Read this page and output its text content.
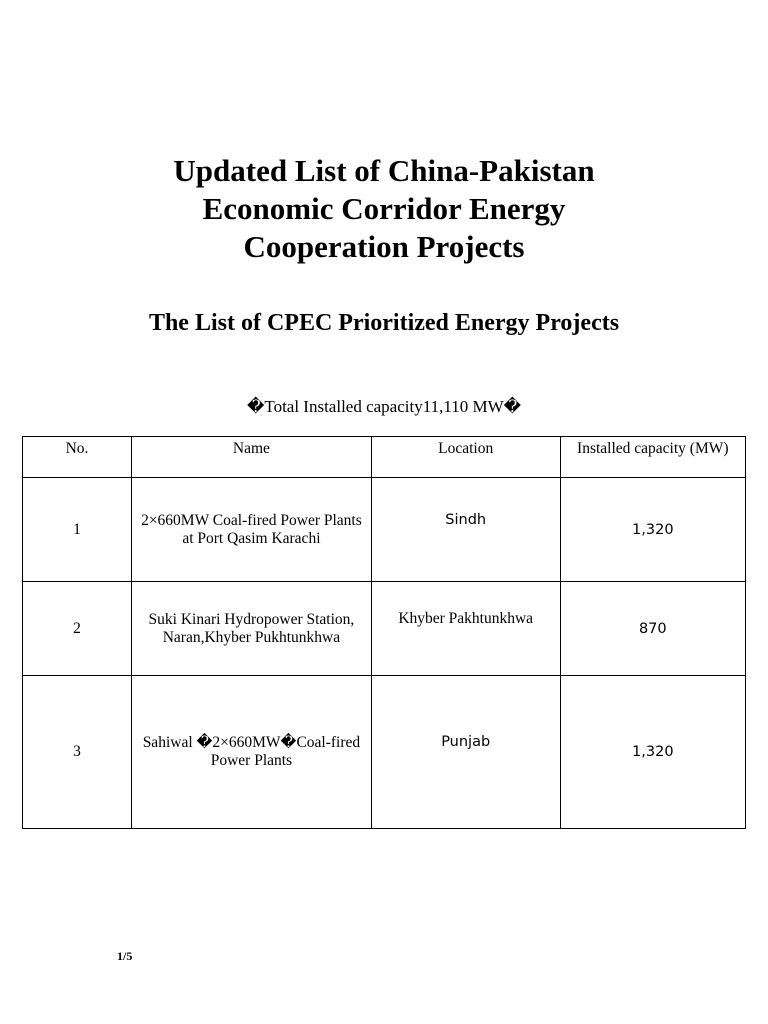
Updated List of China-Pakistan Economic Corridor Energy Cooperation Projects
The List of CPEC Prioritized Energy Projects
�Total Installed capacity11,110 MW�
No.	Name	Location	Installed capacity (MW)
1	2×660MW Coal-fired Power Plants at Port Qasim Karachi	Sindh	1,320
2	Suki Kinari Hydropower Station, Naran,Khyber Pukhtunkhwa	Khyber Pakhtunkhwa	870
3	Sahiwal �2×660MW�Coal-fired Power Plants	Punjab	1,320
1/5
